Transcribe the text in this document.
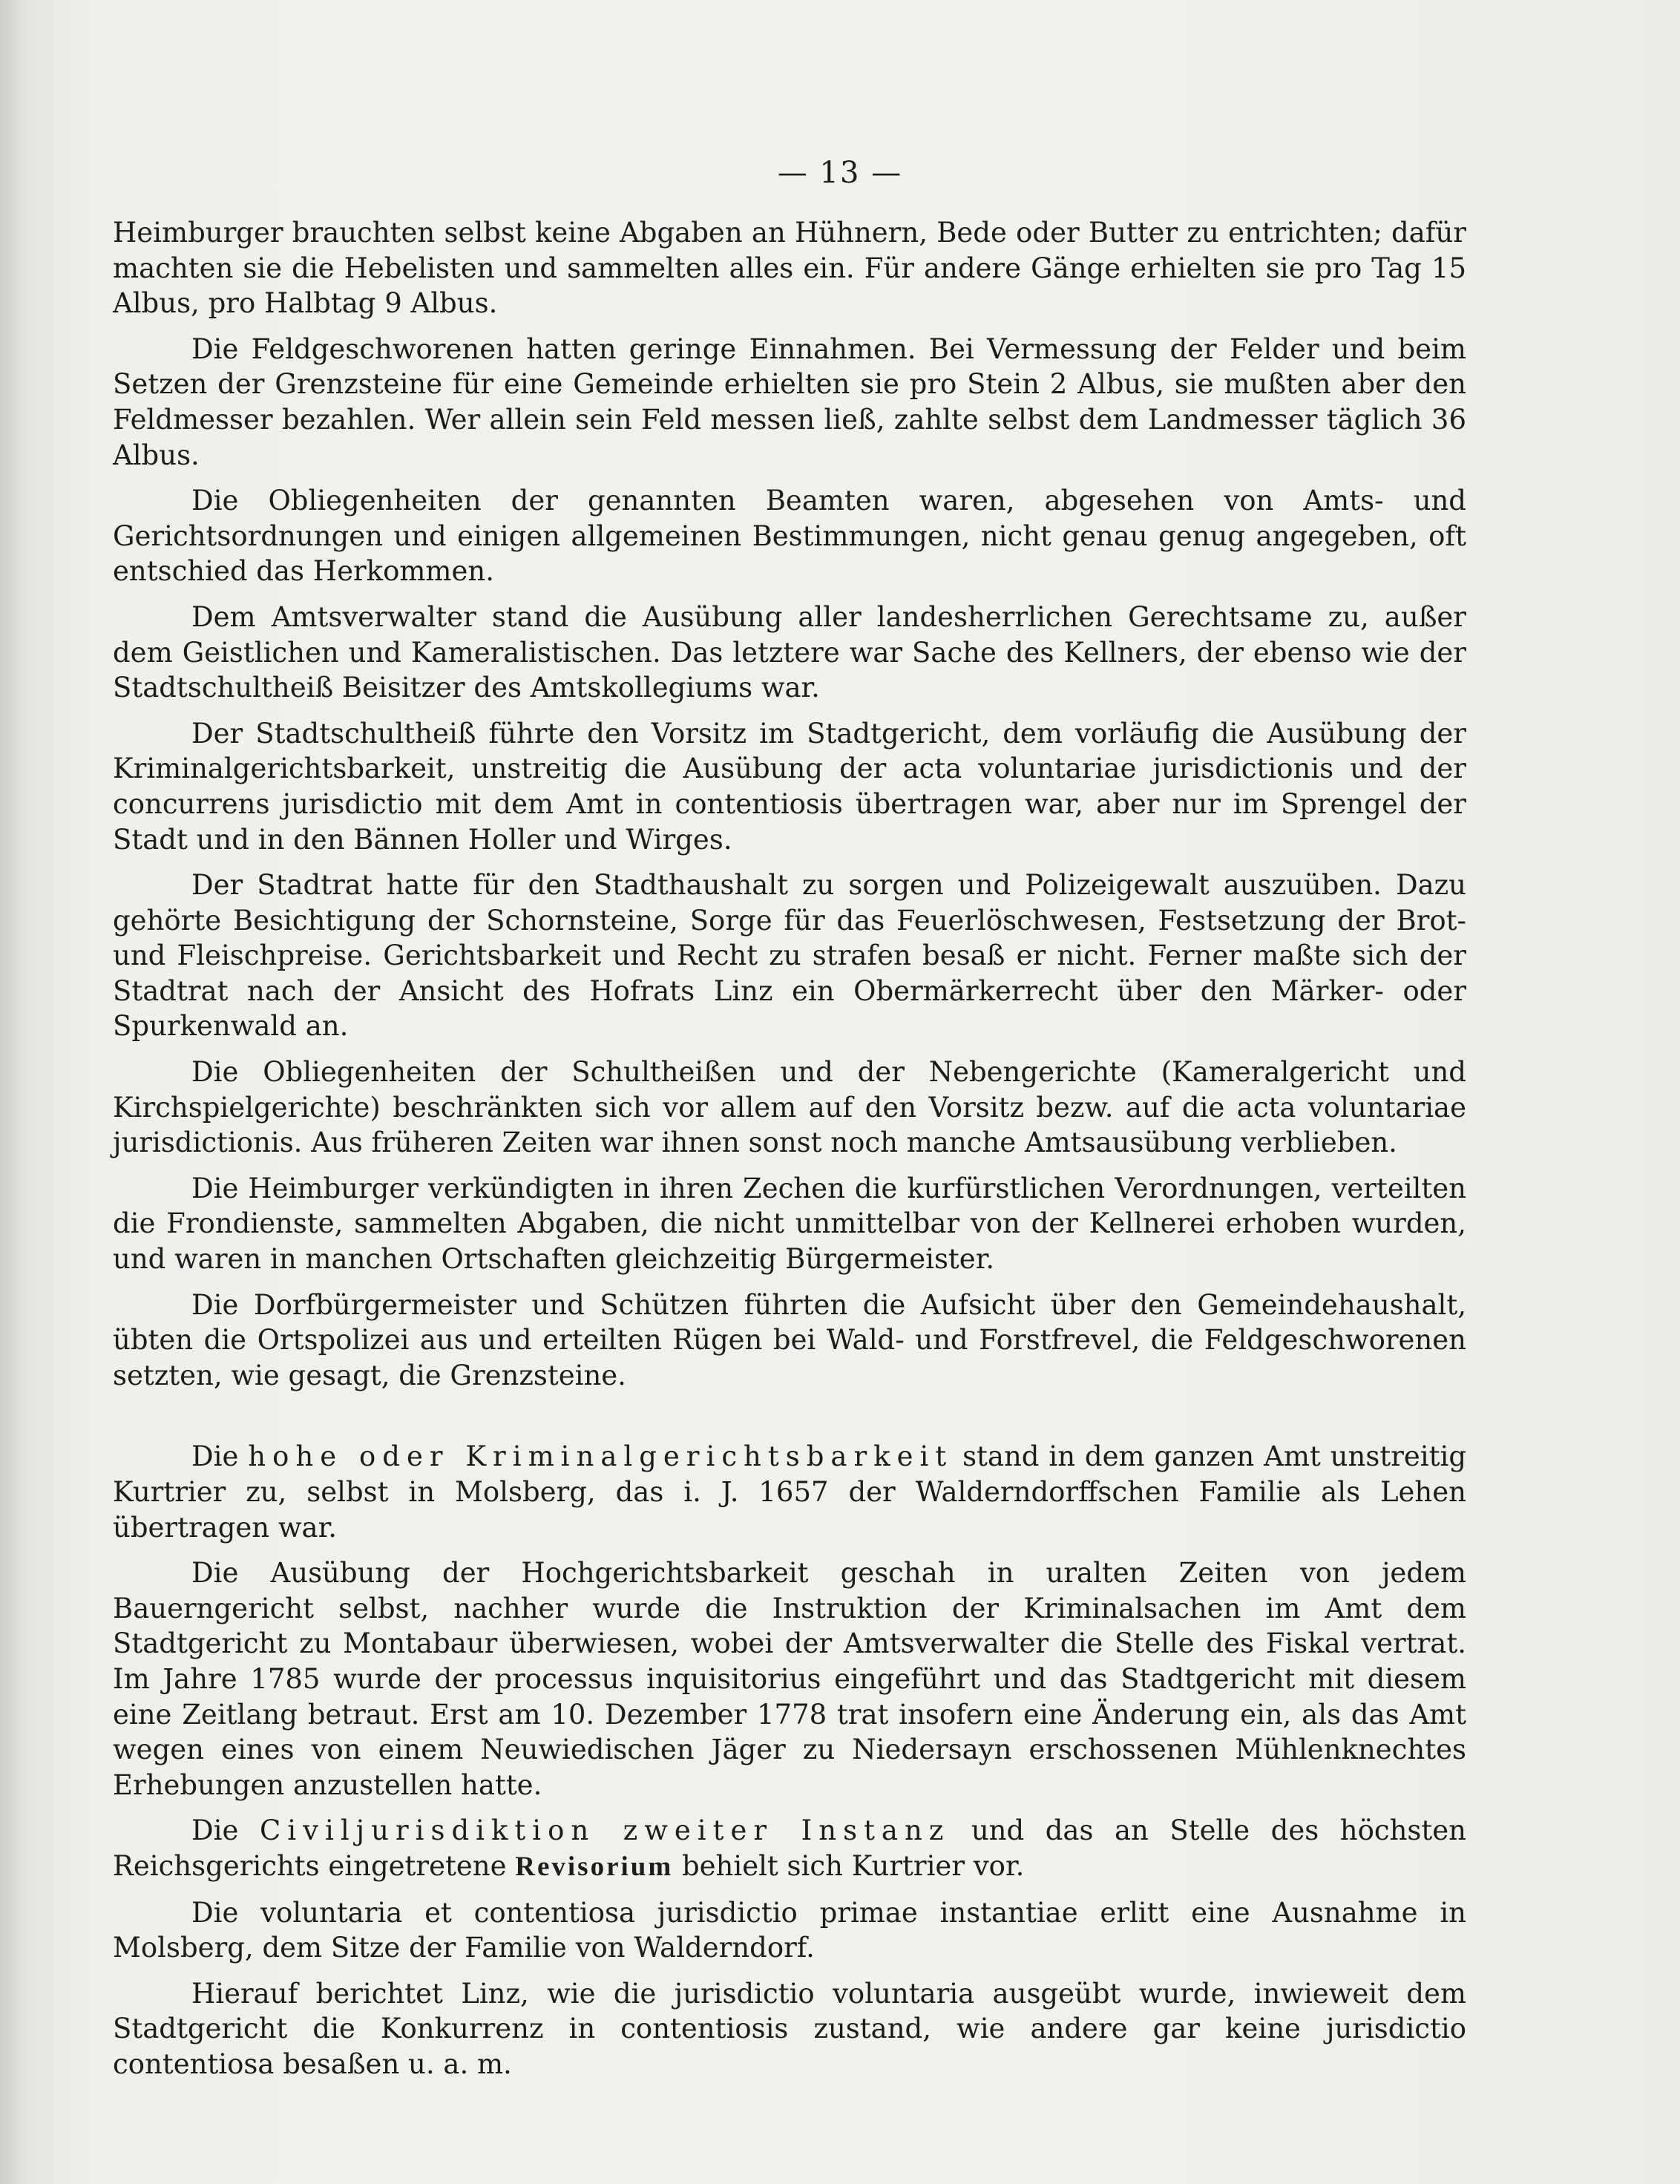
— 13 —

Heimburger brauchten selbst keine Abgaben an Hühnern, Bede oder Butter zu entrichten; dafür machten sie die Hebelisten und sammelten alles ein. Für andere Gänge erhielten sie pro Tag 15 Albus, pro Halbtag 9 Albus.

Die Feldgeschworenen hatten geringe Einnahmen. Bei Vermessung der Felder und beim Setzen der Grenzsteine für eine Gemeinde erhielten sie pro Stein 2 Albus, sie mußten aber den Feldmesser bezahlen. Wer allein sein Feld messen ließ, zahlte selbst dem Landmesser täglich 36 Albus.

Die Obliegenheiten der genannten Beamten waren, abgesehen von Amts- und Gerichtsordnungen und einigen allgemeinen Bestimmungen, nicht genau genug angegeben, oft entschied das Herkommen.

Dem Amtsverwalter stand die Ausübung aller landesherrlichen Gerechtsame zu, außer dem Geistlichen und Kameralistischen. Das letztere war Sache des Kellners, der ebenso wie der Stadtschultheiß Beisitzer des Amtskollegiums war.

Der Stadtschultheiß führte den Vorsitz im Stadtgericht, dem vorläufig die Ausübung der Kriminalgerichtsbarkeit, unstreitig die Ausübung der acta voluntariae jurisdictionis und der concurrens jurisdictio mit dem Amt in contentiosis übertragen war, aber nur im Sprengel der Stadt und in den Bännen Holler und Wirges.

Der Stadtrat hatte für den Stadthaushalt zu sorgen und Polizeigewalt auszuüben. Dazu gehörte Besichtigung der Schornsteine, Sorge für das Feuerlöschwesen, Festsetzung der Brot- und Fleischpreise. Gerichtsbarkeit und Recht zu strafen besaß er nicht. Ferner maßte sich der Stadtrat nach der Ansicht des Hofrats Linz ein Obermärkerrecht über den Märker- oder Spurkenwald an.

Die Obliegenheiten der Schultheißen und der Nebengerichte (Kameralgericht und Kirchspielgerichte) beschränkten sich vor allem auf den Vorsitz bezw. auf die acta voluntariae jurisdictionis. Aus früheren Zeiten war ihnen sonst noch manche Amtsausübung verblieben.

Die Heimburger verkündigten in ihren Zechen die kurfürstlichen Verordnungen, verteilten die Frondienste, sammelten Abgaben, die nicht unmittelbar von der Kellnerei erhoben wurden, und waren in manchen Ortschaften gleichzeitig Bürgermeister.

Die Dorfbürgermeister und Schützen führten die Aufsicht über den Gemeindehaushalt, übten die Ortspolizei aus und erteilten Rügen bei Wald- und Forstfrevel, die Feldgeschworenen setzten, wie gesagt, die Grenzsteine.

Die hohe oder Kriminalgerichtsbarkeit stand in dem ganzen Amt unstreitig Kurtrier zu, selbst in Molsberg, das i. J. 1657 der Walderndorffschen Familie als Lehen übertragen war.

Die Ausübung der Hochgerichtsbarkeit geschah in uralten Zeiten von jedem Bauerngericht selbst, nachher wurde die Instruktion der Kriminalsachen im Amt dem Stadtgericht zu Montabaur überwiesen, wobei der Amtsverwalter die Stelle des Fiskal vertrat. Im Jahre 1785 wurde der processus inquisitorius eingeführt und das Stadtgericht mit diesem eine Zeitlang betraut. Erst am 10. Dezember 1778 trat insofern eine Änderung ein, als das Amt wegen eines von einem Neuwiedischen Jäger zu Niedersayn erschossenen Mühlenknechtes Erhebungen anzustellen hatte.

Die Civiljurisdiktion zweiter Instanz und das an Stelle des höchsten Reichsgerichts eingetretene Revisorium behielt sich Kurtrier vor.

Die voluntaria et contentiosa jurisdictio primae instantiae erlitt eine Ausnahme in Molsberg, dem Sitze der Familie von Walderndorf.

Hierauf berichtet Linz, wie die jurisdictio voluntaria ausgeübt wurde, inwieweit dem Stadtgericht die Konkurrenz in contentiosis zustand, wie andere gar keine jurisdictio contentiosa besaßen u. a. m.
